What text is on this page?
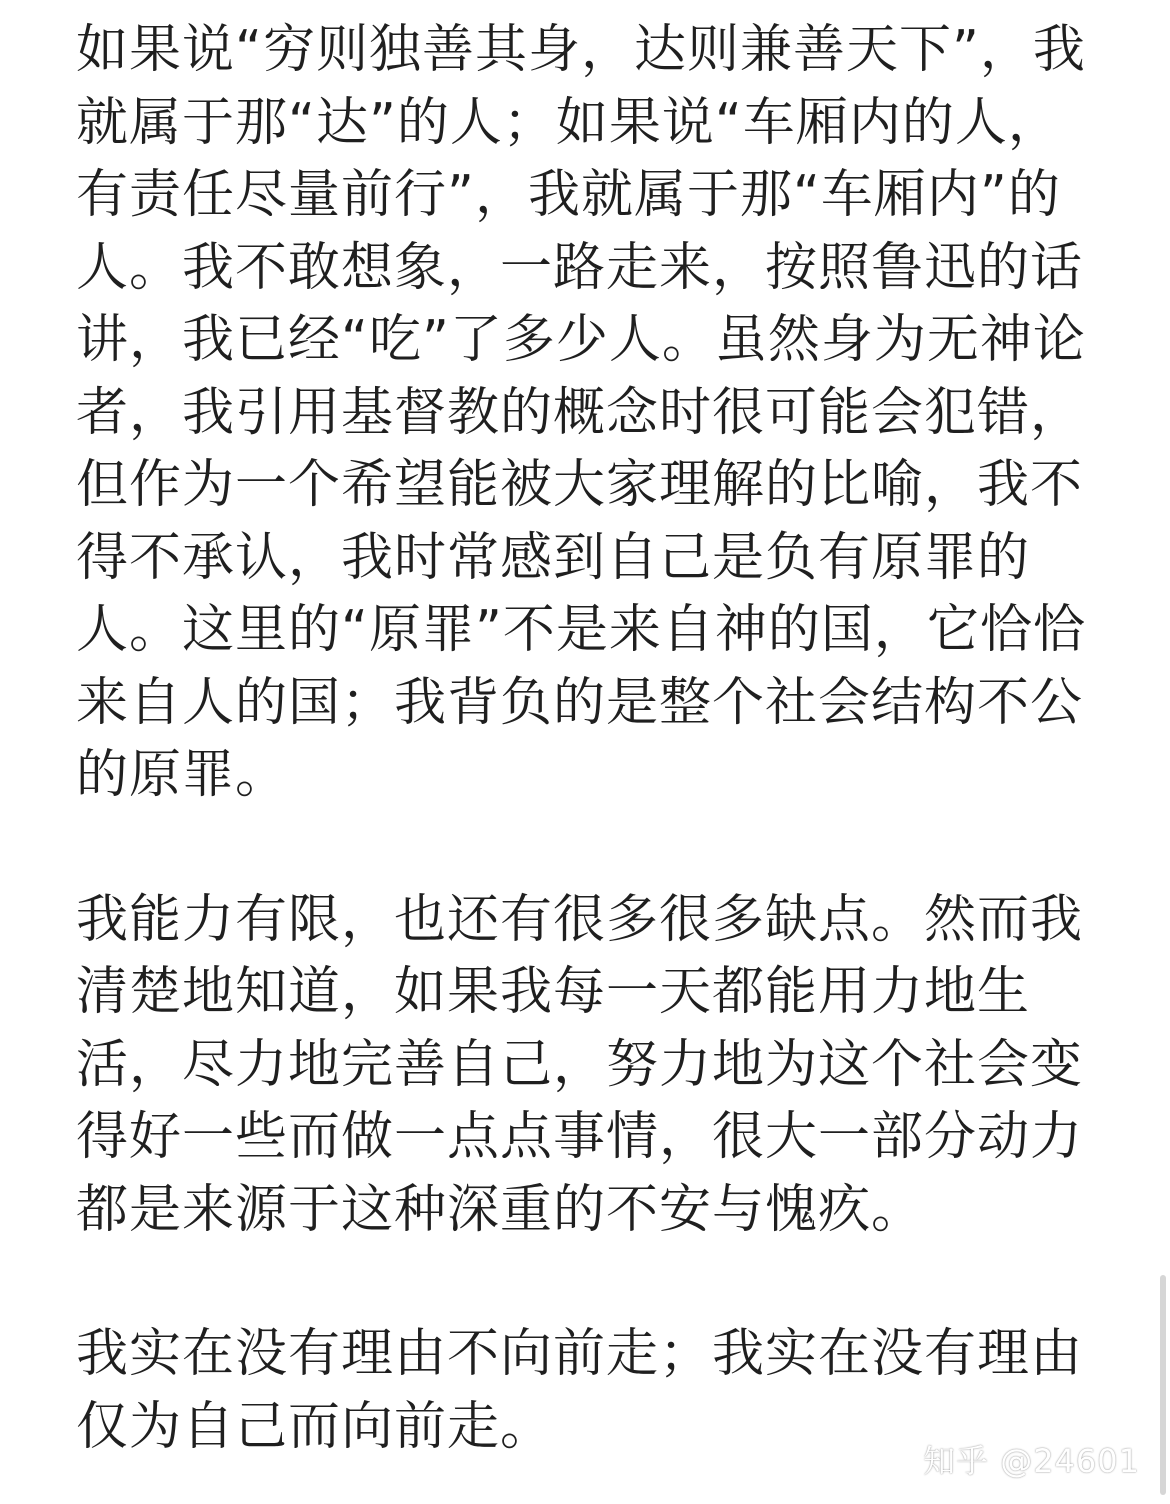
如果说“穷则独善其身，达则兼善天下”，我就属于那“达”的人；如果说“车厢内的人，有责任尽量前行”，我就属于那“车厢内”的人。我不敢想象，一路走来，按照鲁迅的话讲，我已经“吃”了多少人。虽然身为无神论者，我引用基督教的概念时很可能会犯错，但作为一个希望能被大家理解的比喻，我不得不承认，我时常感到自己是负有原罪的人。这里的“原罪”不是来自神的国，它恰恰来自人的国；我背负的是整个社会结构不公的原罪。

我能力有限，也还有很多很多缺点。然而我清楚地知道，如果我每一天都能用力地生活，尽力地完善自己，努力地为这个社会变得好一些而做一点点事情，很大一部分动力都是来源于这种深重的不安与愧疚。

我实在没有理由不向前走；我实在没有理由仅为自己而向前走。

知乎 @24601
